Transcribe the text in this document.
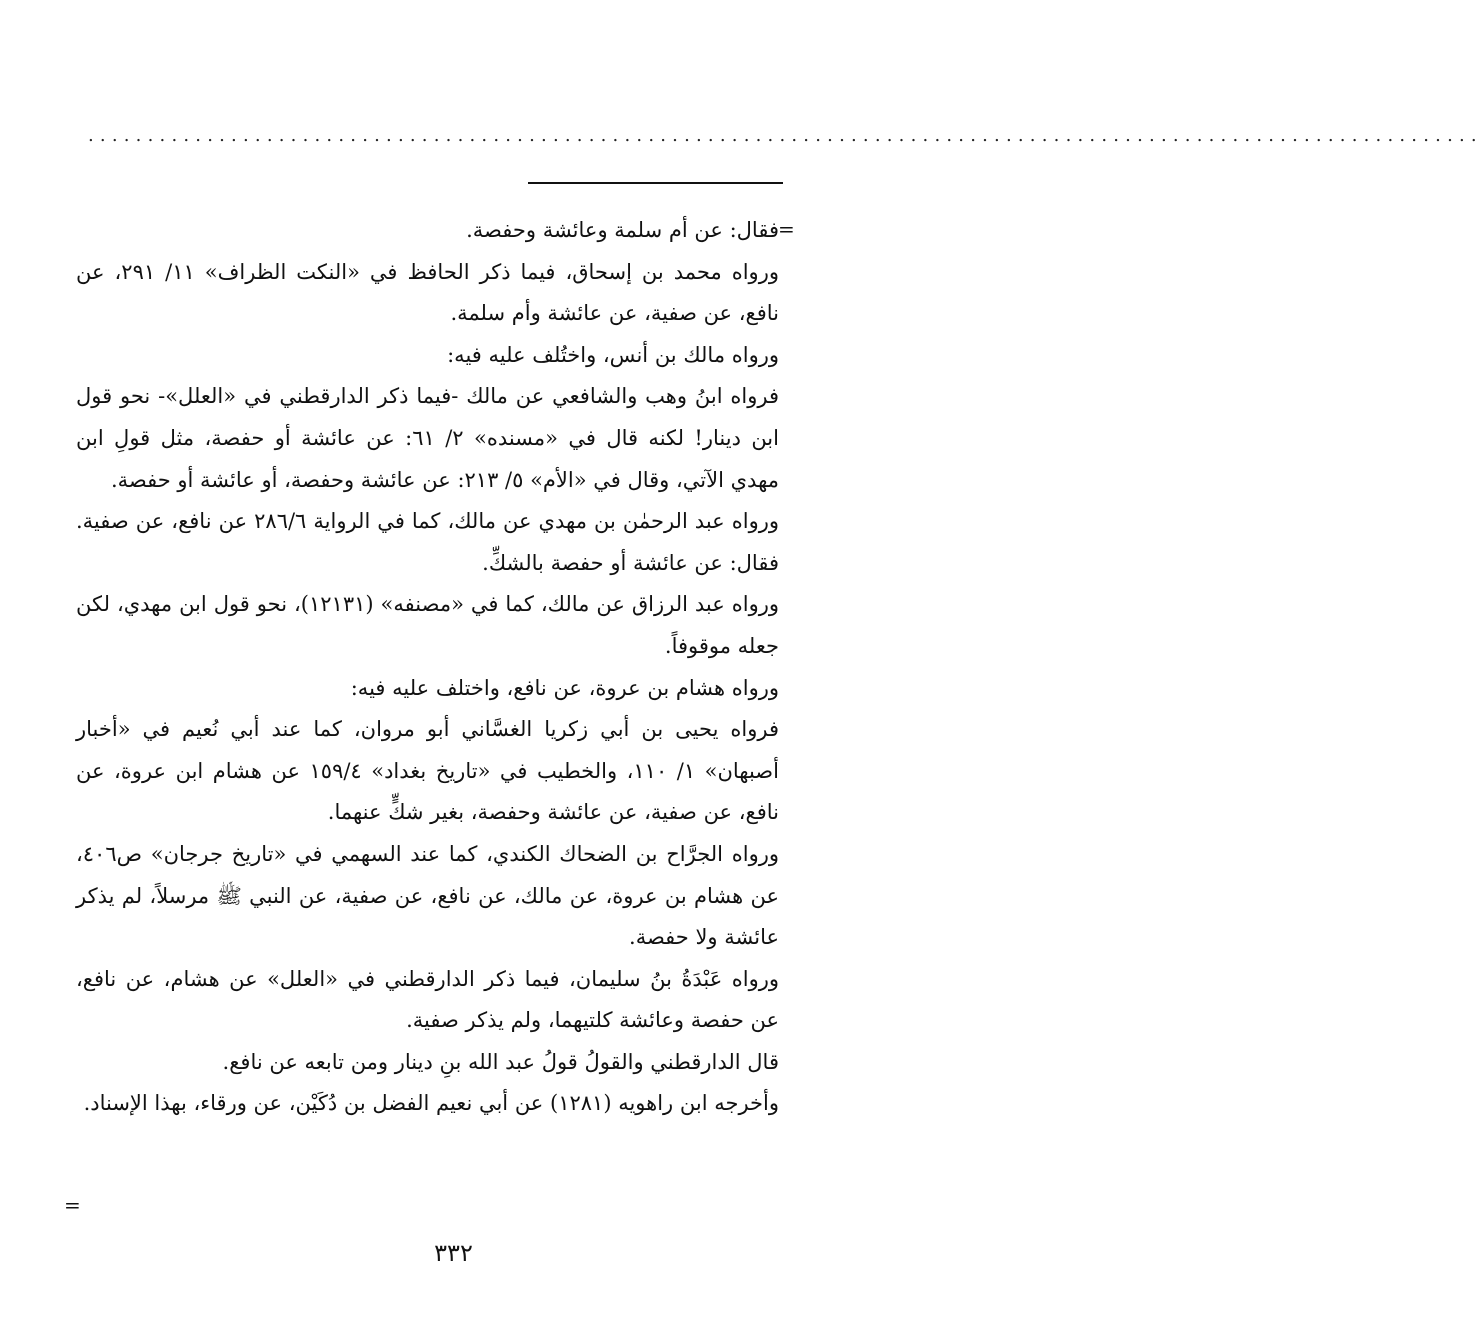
.....................................................................................................................
=
=

فقال: عن أم سلمة وعائشة وحفصة.

ورواه محمد بن إسحاق، فيما ذكر الحافظ في «النكت الظراف» ١١/ ٢٩١، عن نافع، عن صفية، عن عائشة وأم سلمة.

ورواه مالك بن أنس، واختُلف عليه فيه:

فرواه ابنُ وهب والشافعي عن مالك -فيما ذكر الدارقطني في «العلل»- نحو قول ابن دينار! لكنه قال في «مسنده» ٢/ ٦١: عن عائشة أو حفصة، مثل قولِ ابن مهدي الآتي، وقال في «الأم» ٥/ ٢١٣: عن عائشة وحفصة، أو عائشة أو حفصة.

ورواه عبد الرحمٰن بن مهدي عن مالك، كما في الرواية ٢٨٦/٦ عن نافع، عن صفية. فقال: عن عائشة أو حفصة بالشكِّ.

ورواه عبد الرزاق عن مالك، كما في «مصنفه» (١٢١٣١)، نحو قول ابن مهدي، لكن جعله موقوفاً.

ورواه هشام بن عروة، عن نافع، واختلف عليه فيه:

فرواه يحيى بن أبي زكريا الغسَّاني أبو مروان، كما عند أبي نُعيم في «أخبار أصبهان» ١/ ١١٠، والخطيب في «تاريخ بغداد» ١٥٩/٤ عن هشام ابن عروة، عن نافع، عن صفية، عن عائشة وحفصة، بغير شكٍّ عنهما.

ورواه الجرَّاح بن الضحاك الكندي، كما عند السهمي في «تاريخ جرجان» ص٤٠٦، عن هشام بن عروة، عن مالك، عن نافع، عن صفية، عن النبي ﷺ مرسلاً، لم يذكر عائشة ولا حفصة.

ورواه عَبْدَةُ بنُ سليمان، فيما ذكر الدارقطني في «العلل» عن هشام، عن نافع، عن حفصة وعائشة كلتيهما، ولم يذكر صفية.

قال الدارقطني والقولُ قولُ عبد الله بنِ دينار ومن تابعه عن نافع.

وأخرجه ابن راهويه (١٢٨١) عن أبي نعيم الفضل بن دُكَيْن، عن ورقاء، بهذا الإسناد.

٣٣٢
